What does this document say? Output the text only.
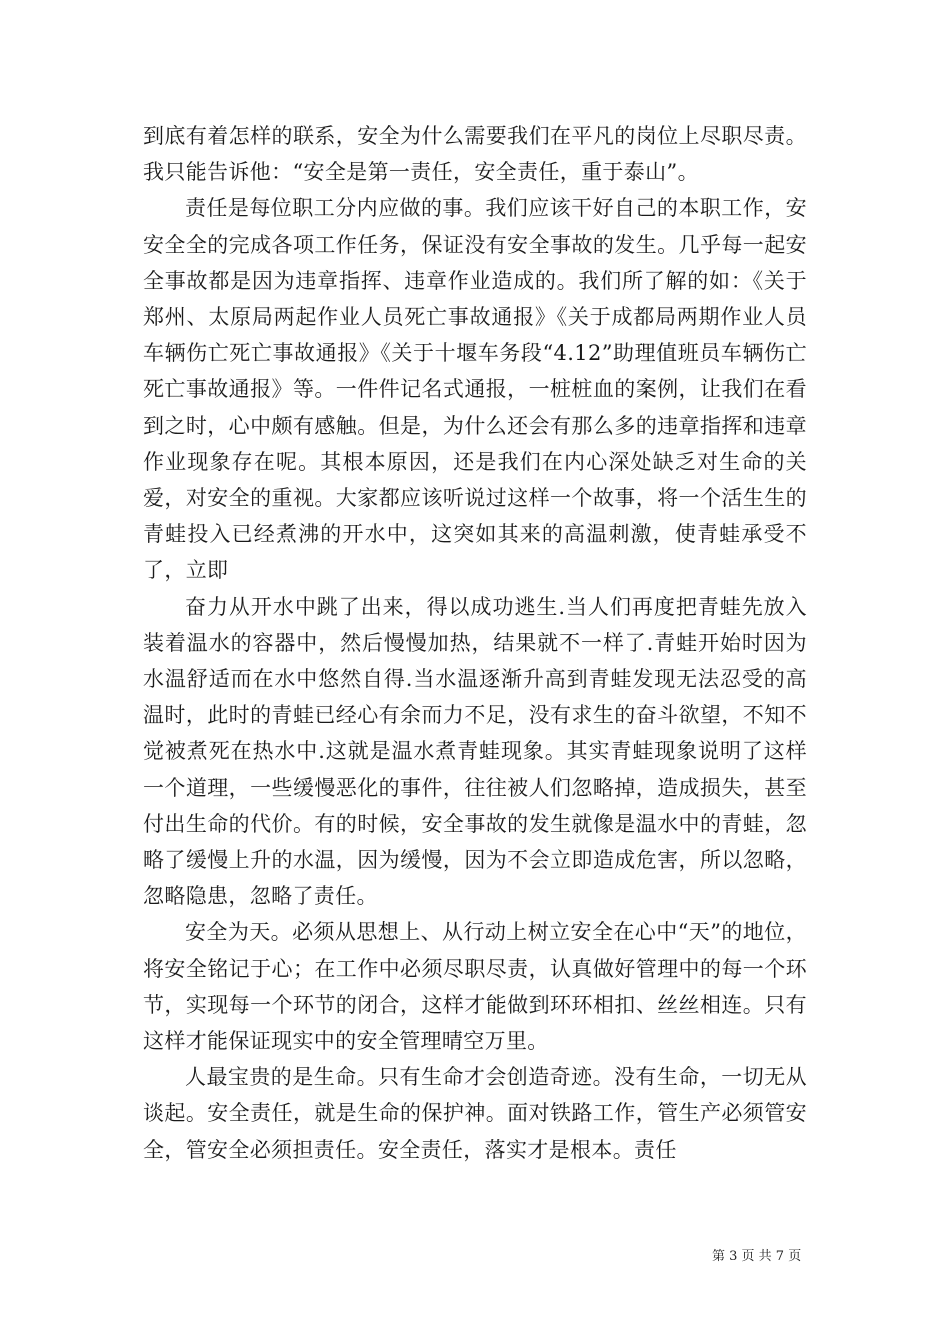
到底有着怎样的联系，安全为什么需要我们在平凡的岗位上尽职尽责。我只能告诉他：“安全是第一责任，安全责任，重于泰山”。

责任是每位职工分内应做的事。我们应该干好自己的本职工作，安安全全的完成各项工作任务，保证没有安全事故的发生。几乎每一起安全事故都是因为违章指挥、违章作业造成的。我们所了解的如：《关于郑州、太原局两起作业人员死亡事故通报》《关于成都局两期作业人员车辆伤亡死亡事故通报》《关于十堰车务段“4.12”助理值班员车辆伤亡死亡事故通报》等。一件件记名式通报，一桩桩血的案例，让我们在看到之时，心中颇有感触。但是，为什么还会有那么多的违章指挥和违章作业现象存在呢。其根本原因，还是我们在内心深处缺乏对生命的关爱，对安全的重视。大家都应该听说过这样一个故事，将一个活生生的青蛙投入已经煮沸的开水中，这突如其来的高温刺激，使青蛙承受不了，立即

奋力从开水中跳了出来，得以成功逃生.当人们再度把青蛙先放入装着温水的容器中，然后慢慢加热，结果就不一样了.青蛙开始时因为水温舒适而在水中悠然自得.当水温逐渐升高到青蛙发现无法忍受的高温时，此时的青蛙已经心有余而力不足，没有求生的奋斗欲望，不知不觉被煮死在热水中.这就是温水煮青蛙现象。其实青蛙现象说明了这样一个道理，一些缓慢恶化的事件，往往被人们忽略掉，造成损失，甚至付出生命的代价。有的时候，安全事故的发生就像是温水中的青蛙，忽略了缓慢上升的水温，因为缓慢，因为不会立即造成危害，所以忽略，忽略隐患，忽略了责任。

安全为天。必须从思想上、从行动上树立安全在心中“天”的地位，将安全铭记于心；在工作中必须尽职尽责，认真做好管理中的每一个环节，实现每一个环节的闭合，这样才能做到环环相扣、丝丝相连。只有这样才能保证现实中的安全管理晴空万里。

人最宝贵的是生命。只有生命才会创造奇迹。没有生命，一切无从谈起。安全责任，就是生命的保护神。面对铁路工作，管生产必须管安全，管安全必须担责任。安全责任，落实才是根本。责任

第 3 页 共 7 页
